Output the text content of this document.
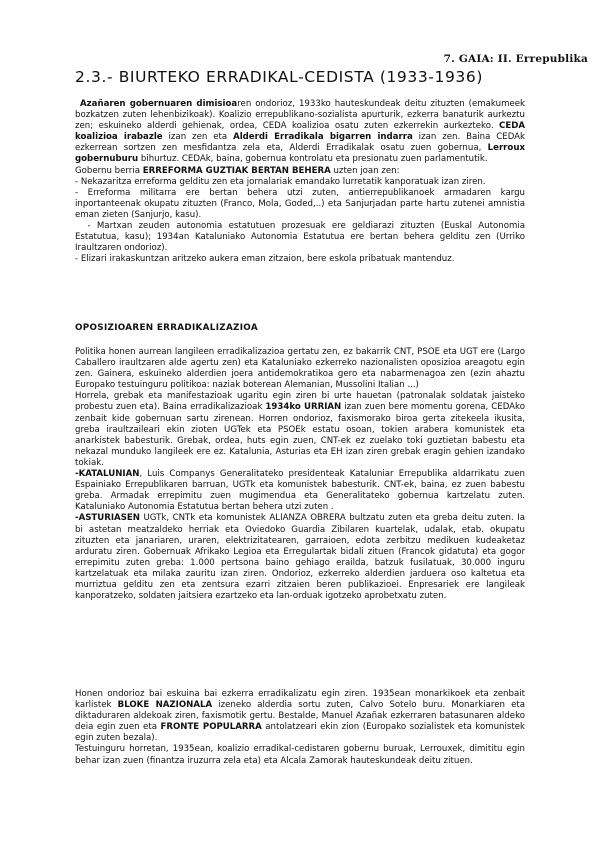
7. GAIA: II. Errepublika
2.3.- BIURTEKO ERRADIKAL-CEDISTA (1933-1936)

Azañaren gobernuaren dimisioaren ondorioz, 1933ko hauteskundeak deitu zituzten (emakumeek bozkatzen zuten lehenbizikoak). Koalizio errepublikano-sozialista apurturik, ezkerra banaturik aurkeztu zen; eskuineko alderdi gehienak, ordea, CEDA koalizioa osatu zuten ezkerrekin aurkezteko. CEDA koalizioa irabazle izan zen eta Alderdi Erradikala bigarren indarra izan zen. Baina CEDAk ezkerrean sortzen zen mesfidantza zela eta, Alderdi Erradikalak osatu zuen gobernua, Lerroux gobernuburu bihurtuz. CEDAk, baina, gobernua kontrolatu eta presionatu zuen parlamentutik.

Gobernu berria ERREFORMA GUZTIAK BERTAN BEHERA uzten joan zen:

- Nekazaritza erreforma gelditu zen eta jornalariak emandako lurretatik kanporatuak izan ziren.

- Erreforma militarra ere bertan behera utzi zuten, antierrepublikanoek armadaren kargu inportanteenak okupatu zituzten (Franco, Mola, Goded,..) eta Sanjurjadan parte hartu zutenei amnistia eman zieten (Sanjurjo, kasu).

- Martxan zeuden autonomia estatutuen prozesuak ere geldiarazi zituzten (Euskal Autonomia Estatutua, kasu); 1934an Kataluniako Autonomia Estatutua ere bertan behera gelditu zen (Urriko Iraultzaren ondorioz).

- Elizari irakaskuntzan aritzeko aukera eman zitzaion, bere eskola pribatuak mantenduz.

OPOSIZIOAREN ERRADIKALIZAZIOA

Politika honen aurrean langileen erradikalizazioa gertatu zen, ez bakarrik CNT, PSOE eta UGT ere (Largo Caballero iraultzaren alde agertu zen) eta Kataluniako ezkerreko nazionalisten oposizioa areagotu egin zen. Gainera, eskuineko alderdien joera antidemokratikoa gero eta nabarmenagoa zen (ezin ahaztu Europako testuinguru politikoa: naziak boterean Alemanian, Mussolini Italian ...)

Horrela, grebak eta manifestazioak ugaritu egin ziren bi urte hauetan (patronalak soldatak jaisteko probestu zuen eta). Baina erradikalizazioak 1934ko URRIAN izan zuen bere momentu gorena, CEDAko zenbait kide gobernuan sartu zirenean. Horren ondorioz, faxismorako biroa gerta zitekeela ikusita, greba iraultzaileari ekin zioten UGTek eta PSOEk estatu osoan, tokien arabera komunistek eta anarkistek babesturik. Grebak, ordea, huts egin zuen, CNT-ek ez zuelako toki guztietan babestu eta nekazal munduko langileek ere ez. Katalunia, Asturias eta EH izan ziren grebak eragin gehien izandako tokiak.

-KATALUNIAN, Luis Companys Generalitateko presidenteak Kataluniar Errepublika aldarrikatu zuen Espainiako Errepublikaren barruan, UGTk eta komunistek babesturik. CNT-ek, baina, ez zuen babestu greba. Armadak errepimitu zuen mugimendua eta Generalitateko gobernua kartzelatu zuten. Kataluniako Autonomia Estatutua bertan behera utzi zuten .

-ASTURIASEN UGTk, CNTk eta komunistek ALIANZA OBRERA bultzatu zuten eta greba deitu zuten. Ia bi astetan meatzaldeko herriak eta Oviedoko Guardia Zibilaren kuartelak, udalak, etab. okupatu zituzten eta janariaren, uraren, elektrizitatearen, garraioen, edota zerbitzu medikuen kudeaketaz arduratu ziren. Gobernuak Afrikako Legioa eta Erregulartak bidali zituen (Francok gidatuta) eta gogor errepimitu zuten greba: 1.000 pertsona baino gehiago erailda, batzuk fusilatuak, 30.000 inguru kartzelatuak eta milaka zauritu izan ziren. Ondorioz, ezkerreko alderdien jarduera oso kaltetua eta murriztua gelditu zen eta zentsura ezarri zitzaien beren publikazioei. Enpresariek ere langileak kanporatzeko, soldaten jaitsiera ezartzeko eta lan-orduak igotzeko aprobetxatu zuten.

Honen ondorioz bai eskuina bai ezkerra erradikalizatu egin ziren. 1935ean monarkikoek eta zenbait karlistek BLOKE NAZIONALA izeneko alderdia sortu zuten, Calvo Sotelo buru. Monarkiaren eta diktaduraren aldekoak ziren, faxismotik gertu. Bestalde, Manuel Azañak ezkerraren batasunaren aldeko deia egin zuen eta FRONTE POPULARRA antolatzeari ekin zion (Europako sozialistek eta komunistek egin zuten bezala).

Testuinguru horretan, 1935ean, koalizio erradikal-cedistaren gobernu buruak, Lerrouxek, dimititu egin behar izan zuen (finantza iruzurra zela eta) eta Alcala Zamorak hauteskundeak deitu zituen.
